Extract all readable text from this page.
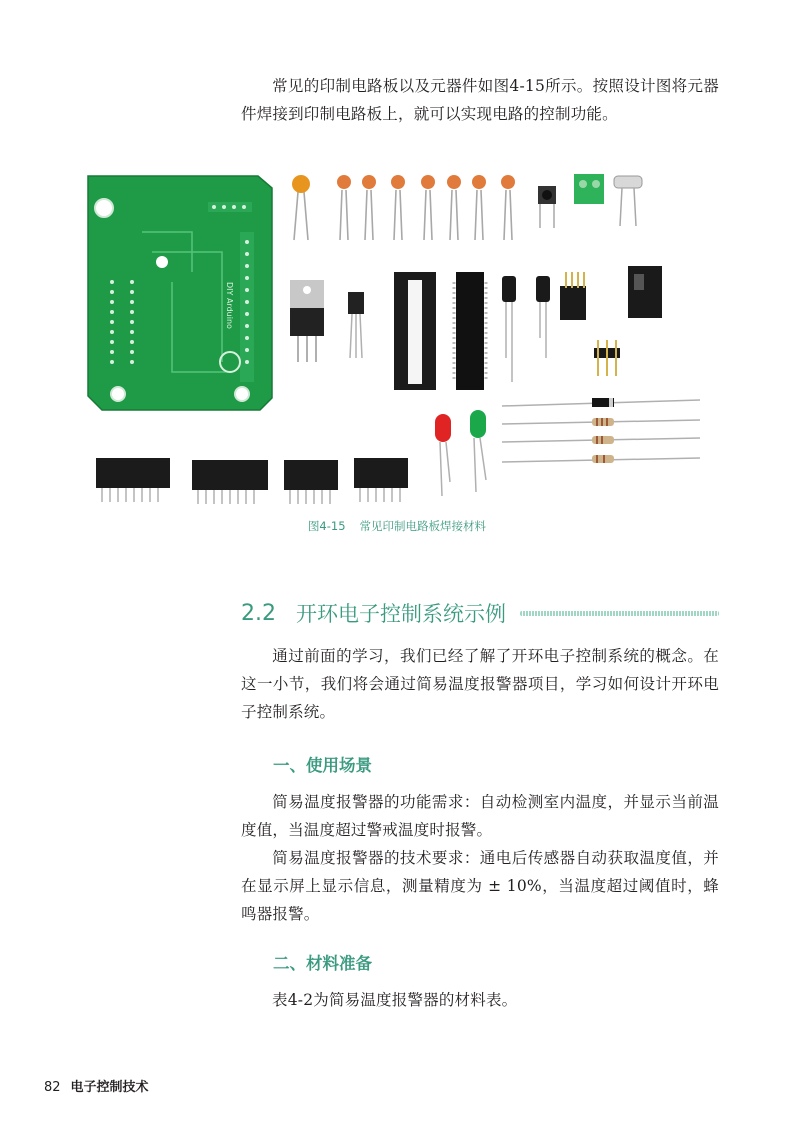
常见的印制电路板以及元器件如图4-15所示。按照设计图将元器件焊接到印制电路板上，就可以实现电路的控制功能。

DIY Arduino
图4-15 常见印制电路板焊接材料
2.2 开环电子控制系统示例

通过前面的学习，我们已经了解了开环电子控制系统的概念。在这一小节，我们将会通过简易温度报警器项目，学习如何设计开环电子控制系统。

一、使用场景

简易温度报警器的功能需求：自动检测室内温度，并显示当前温度值，当温度超过警戒温度时报警。

简易温度报警器的技术要求：通电后传感器自动获取温度值，并在显示屏上显示信息，测量精度为 ± 10%，当温度超过阈值时，蜂鸣器报警。

二、材料准备

表4-2为简易温度报警器的材料表。

82 电子控制技术
